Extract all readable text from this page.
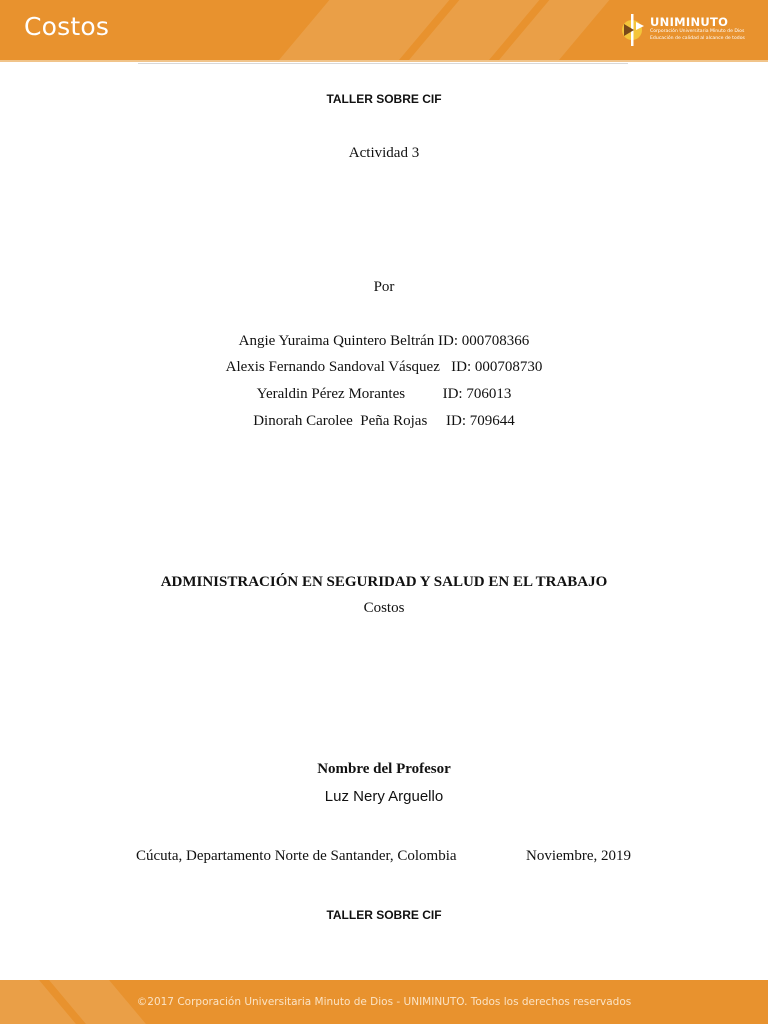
Costos	UNIMINUTO
Corporación Universitaria Minuto de Dios
Educación de calidad al alcance de todos
TALLER SOBRE CIF
Actividad 3
Por
Angie Yuraima Quintero Beltrán ID: 000708366
Alexis Fernando Sandoval Vásquez   ID: 000708730
Yeraldin Pérez Morantes          ID: 706013
Dinorah Carolee  Peña Rojas     ID: 709644
ADMINISTRACIÓN EN SEGURIDAD Y SALUD EN EL TRABAJO
Costos
Nombre del Profesor
Luz Nery Arguello
Cúcuta, Departamento Norte de Santander, Colombia	Noviembre, 2019
TALLER SOBRE CIF
©2017 Corporación Universitaria Minuto de Dios - UNIMINUTO. Todos los derechos reservados
